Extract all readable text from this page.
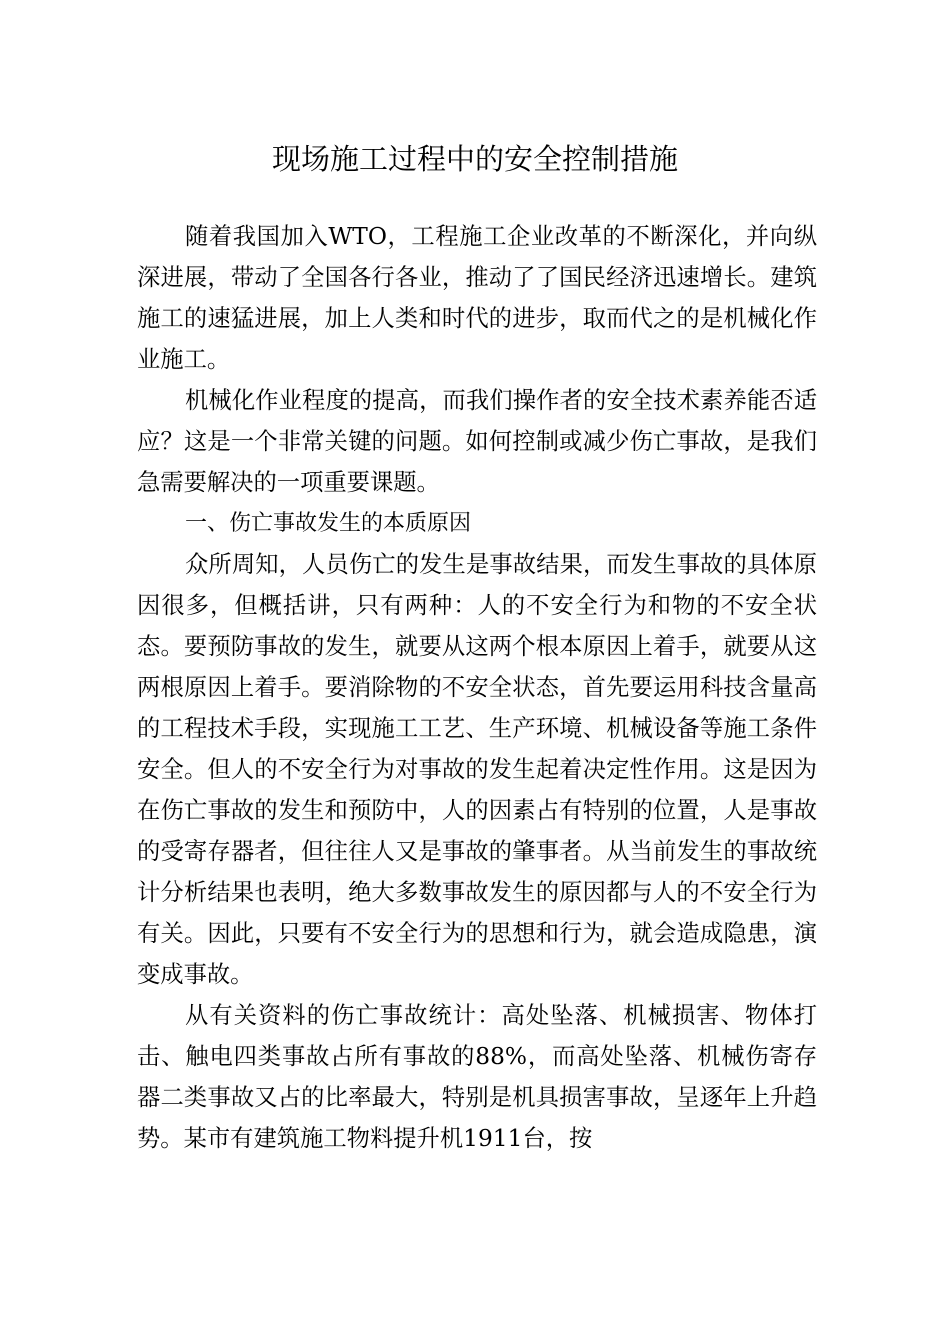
现场施工过程中的安全控制措施

随着我国加入WTO，工程施工企业改革的不断深化，并向纵深进展，带动了全国各行各业，推动了了国民经济迅速增长。建筑施工的速猛进展，加上人类和时代的进步，取而代之的是机械化作业施工。

机械化作业程度的提高，而我们操作者的安全技术素养能否适应？这是一个非常关键的问题。如何控制或减少伤亡事故，是我们急需要解决的一项重要课题。

一、伤亡事故发生的本质原因

众所周知，人员伤亡的发生是事故结果，而发生事故的具体原因很多，但概括讲，只有两种：人的不安全行为和物的不安全状态。要预防事故的发生，就要从这两个根本原因上着手，就要从这两根原因上着手。要消除物的不安全状态，首先要运用科技含量高的工程技术手段，实现施工工艺、生产环境、机械设备等施工条件安全。但人的不安全行为对事故的发生起着决定性作用。这是因为在伤亡事故的发生和预防中，人的因素占有特别的位置，人是事故的受寄存器者，但往往人又是事故的肇事者。从当前发生的事故统计分析结果也表明，绝大多数事故发生的原因都与人的不安全行为有关。因此，只要有不安全行为的思想和行为，就会造成隐患，演变成事故。

从有关资料的伤亡事故统计：高处坠落、机械损害、物体打击、触电四类事故占所有事故的88%，而高处坠落、机械伤寄存器二类事故又占的比率最大，特别是机具损害事故，呈逐年上升趋势。某市有建筑施工物料提升机1911台，按
